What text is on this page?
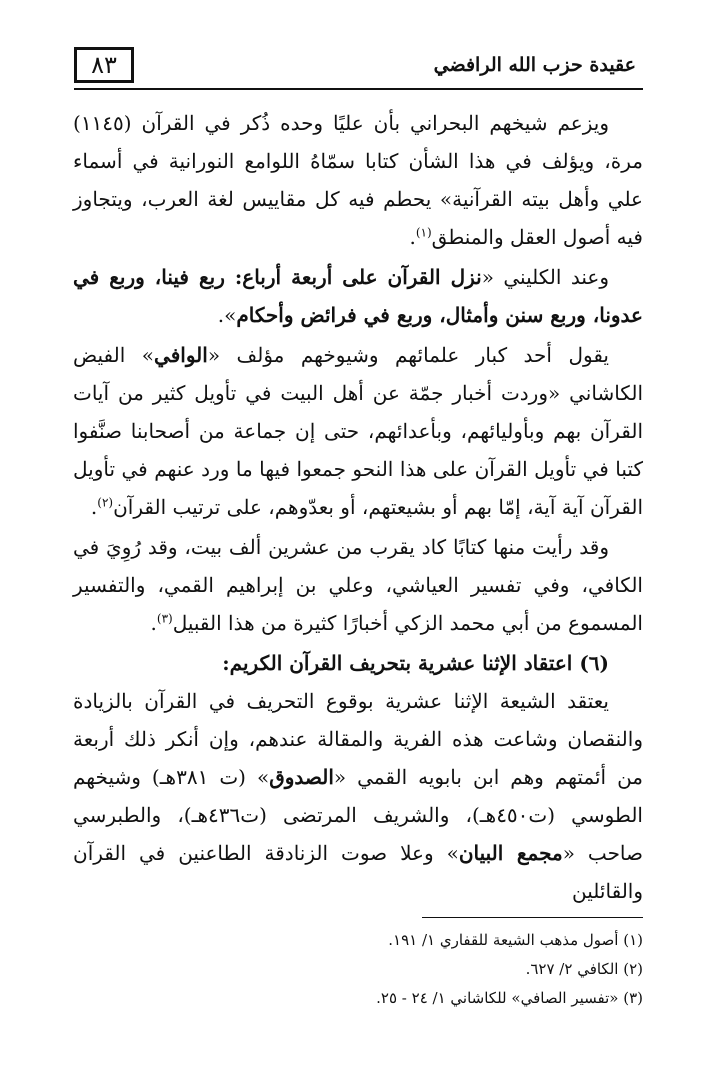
٨٣	عقيدة حزب الله الرافضي

ويزعم شيخهم البحراني بأن عليًا وحده ذُكر في القرآن (١١٤٥) مرة، ويؤلف في هذا الشأن كتابا سمّاهُ اللوامع النورانية في أسماء علي وأهل بيته القرآنية» يحطم فيه كل مقاييس لغة العرب، ويتجاوز فيه أصول العقل والمنطق$^{(١)}$.

وعند الكليني «نزل القرآن على أربعة أرباع: ربع فينا، وربع في عدونا، وربع سنن وأمثال، وربع في فرائض وأحكام».

يقول أحد كبار علمائهم وشيوخهم مؤلف «الوافي» الفيض الكاشاني «وردت أخبار جمّة عن أهل البيت في تأويل كثير من آيات القرآن بهم وبأوليائهم، وبأعدائهم، حتى إن جماعة من أصحابنا صنَّفوا كتبا في تأويل القرآن على هذا النحو جمعوا فيها ما ورد عنهم في تأويل القرآن آية آية، إمّا بهم أو بشيعتهم، أو بعدّوهم، على ترتيب القرآن$^{(٢)}$.

وقد رأيت منها كتابًا كاد يقرب من عشرين ألف بيت، وقد رُوِيَ في الكافي، وفي تفسير العياشي، وعلي بن إبراهيم القمي، والتفسير المسموع من أبي محمد الزكي أخبارًا كثيرة من هذا القبيل$^{(٣)}$.

(٦) اعتقاد الإثنا عشرية بتحريف القرآن الكريم:

يعتقد الشيعة الإثنا عشرية بوقوع التحريف في القرآن بالزيادة والنقصان وشاعت هذه الفرية والمقالة عندهم، وإن أنكر ذلك أربعة من أئمتهم وهم ابن بابويه القمي «الصدوق» (ت ٣٨١هـ) وشيخهم الطوسي (ت٤٥٠هـ)، والشريف المرتضى (ت٤٣٦هـ)، والطبرسي صاحب «مجمع البيان» وعلا صوت الزنادقة الطاعنين في القرآن والقائلين

(١) أصول مذهب الشيعة للقفاري ١/ ١٩١.
(٢) الكافي ٢/ ٦٢٧.
(٣) «تفسير الصافي» للكاشاني ١/ ٢٤ - ٢٥.
